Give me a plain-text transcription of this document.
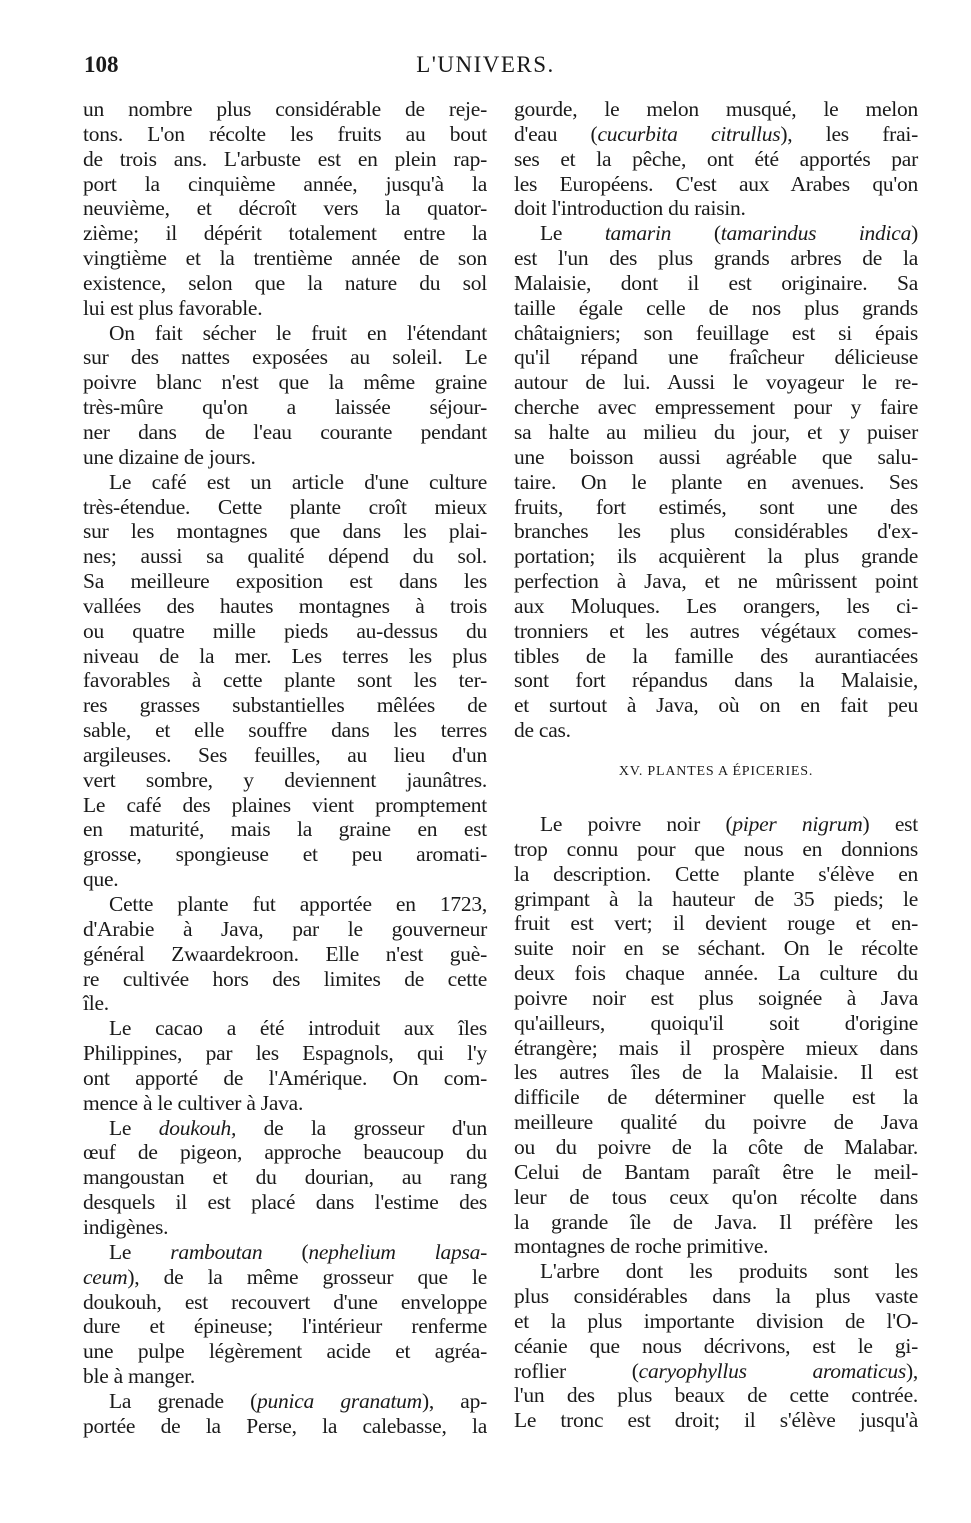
108	L'UNIVERS.
un nombre plus considérable de reje-
tons. L'on récolte les fruits au bout
de trois ans. L'arbuste est en plein rap-
port la cinquième année, jusqu'à la
neuvième, et décroît vers la quator-
zième; il dépérit totalement entre la
vingtième et la trentième année de son
existence, selon que la nature du sol
lui est plus favorable.
On fait sécher le fruit en l'étendant
sur des nattes exposées au soleil. Le
poivre blanc n'est que la même graine
très-mûre qu'on a laissée séjour-
ner dans de l'eau courante pendant
une dizaine de jours.
Le café est un article d'une culture
très-étendue. Cette plante croît mieux
sur les montagnes que dans les plai-
nes; aussi sa qualité dépend du sol.
Sa meilleure exposition est dans les
vallées des hautes montagnes à trois
ou quatre mille pieds au-dessus du
niveau de la mer. Les terres les plus
favorables à cette plante sont les ter-
res grasses substantielles mêlées de
sable, et elle souffre dans les terres
argileuses. Ses feuilles, au lieu d'un
vert sombre, y deviennent jaunâtres.
Le café des plaines vient promptement
en maturité, mais la graine en est
grosse, spongieuse et peu aromati-
que.
Cette plante fut apportée en 1723,
d'Arabie à Java, par le gouverneur
général Zwaardekroon. Elle n'est guè-
re cultivée hors des limites de cette
île.
Le cacao a été introduit aux îles
Philippines, par les Espagnols, qui l'y
ont apporté de l'Amérique. On com-
mence à le cultiver à Java.
Le doukouh, de la grosseur d'un
œuf de pigeon, approche beaucoup du
mangoustan et du dourian, au rang
desquels il est placé dans l'estime des
indigènes.
Le ramboutan (nephelium lapsa-
ceum), de la même grosseur que le
doukouh, est recouvert d'une enveloppe
dure et épineuse; l'intérieur renferme
une pulpe légèrement acide et agréa-
ble à manger.
La grenade (punica granatum), ap-
portée de la Perse, la calebasse, la
gourde, le melon musqué, le melon
d'eau (cucurbita citrullus), les frai-
ses et la pêche, ont été apportés par
les Européens. C'est aux Arabes qu'on
doit l'introduction du raisin.
Le tamarin (tamarindus indica)
est l'un des plus grands arbres de la
Malaisie, dont il est originaire. Sa
taille égale celle de nos plus grands
châtaigniers; son feuillage est si épais
qu'il répand une fraîcheur délicieuse
autour de lui. Aussi le voyageur le re-
cherche avec empressement pour y faire
sa halte au milieu du jour, et y puiser
une boisson aussi agréable que salu-
taire. On le plante en avenues. Ses
fruits, fort estimés, sont une des
branches les plus considérables d'ex-
portation; ils acquièrent la plus grande
perfection à Java, et ne mûrissent point
aux Moluques. Les orangers, les ci-
tronniers et les autres végétaux comes-
tibles de la famille des aurantiacées
sont fort répandus dans la Malaisie,
et surtout à Java, où on en fait peu
de cas.
XV. PLANTES A ÉPICERIES.
Le poivre noir (piper nigrum) est
trop connu pour que nous en donnions
la description. Cette plante s'élève en
grimpant à la hauteur de 35 pieds; le
fruit est vert; il devient rouge et en-
suite noir en se séchant. On le récolte
deux fois chaque année. La culture du
poivre noir est plus soignée à Java
qu'ailleurs, quoiqu'il soit d'origine
étrangère; mais il prospère mieux dans
les autres îles de la Malaisie. Il est
difficile de déterminer quelle est la
meilleure qualité du poivre de Java
ou du poivre de la côte de Malabar.
Celui de Bantam paraît être le meil-
leur de tous ceux qu'on récolte dans
la grande île de Java. Il préfère les
montagnes de roche primitive.
L'arbre dont les produits sont les
plus considérables dans la plus vaste
et la plus importante division de l'O-
céanie que nous décrivons, est le gi-
roflier (caryophyllus aromaticus),
l'un des plus beaux de cette contrée.
Le tronc est droit; il s'élève jusqu'à
